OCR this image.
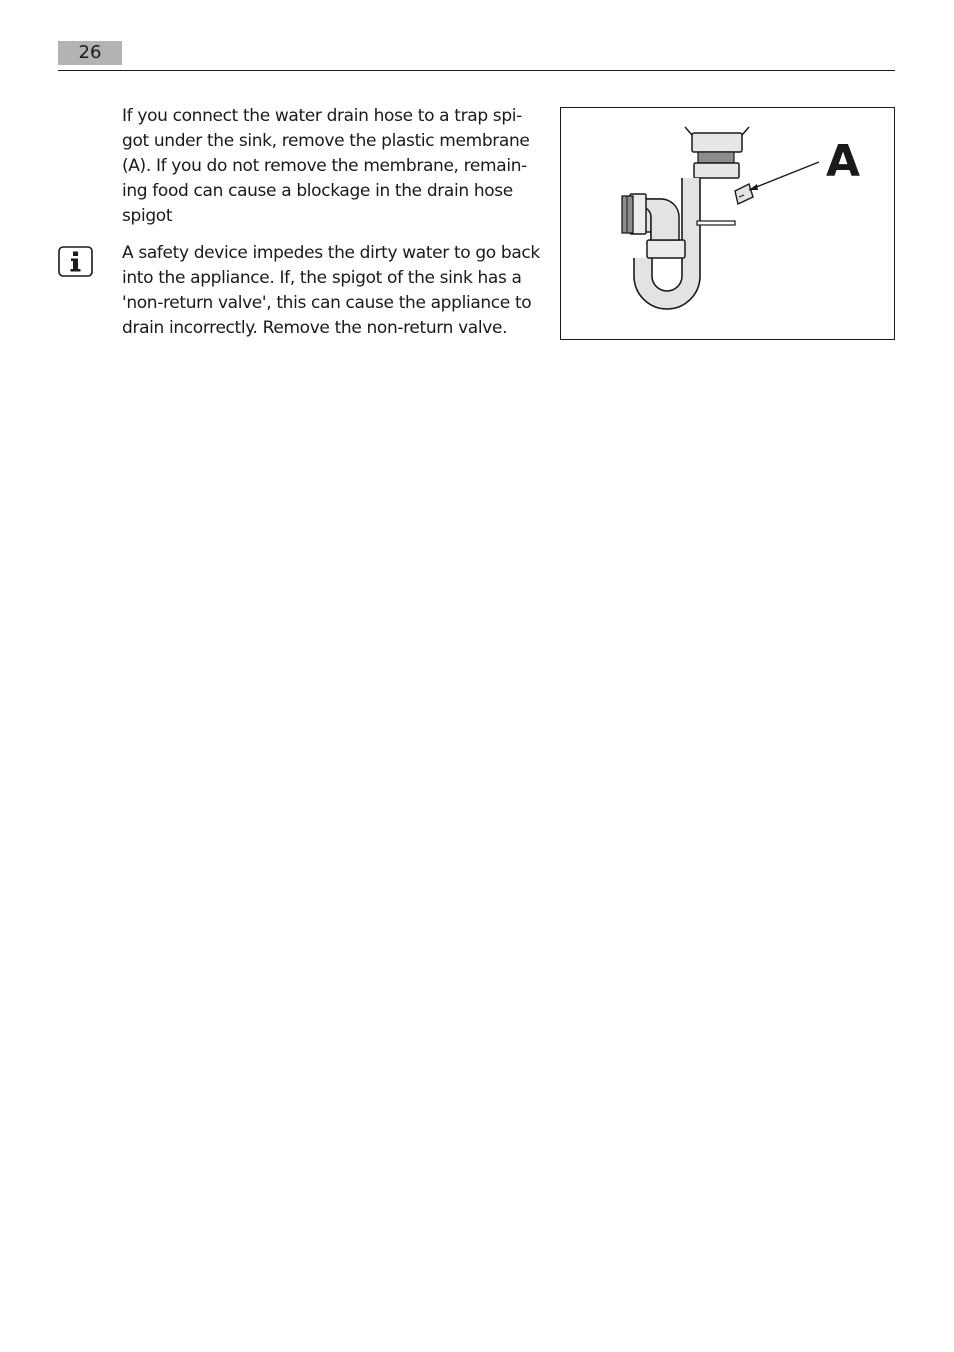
26
If you connect the water drain hose to a trap spi-
got under the sink, remove the plastic membrane
(A). If you do not remove the membrane, remain-
ing food can cause a blockage in the drain hose
spigot
A safety device impedes the dirty water to go back
into the appliance. If, the spigot of the sink has a
'non-return valve', this can cause the appliance to
drain incorrectly. Remove the non-return valve.
A
